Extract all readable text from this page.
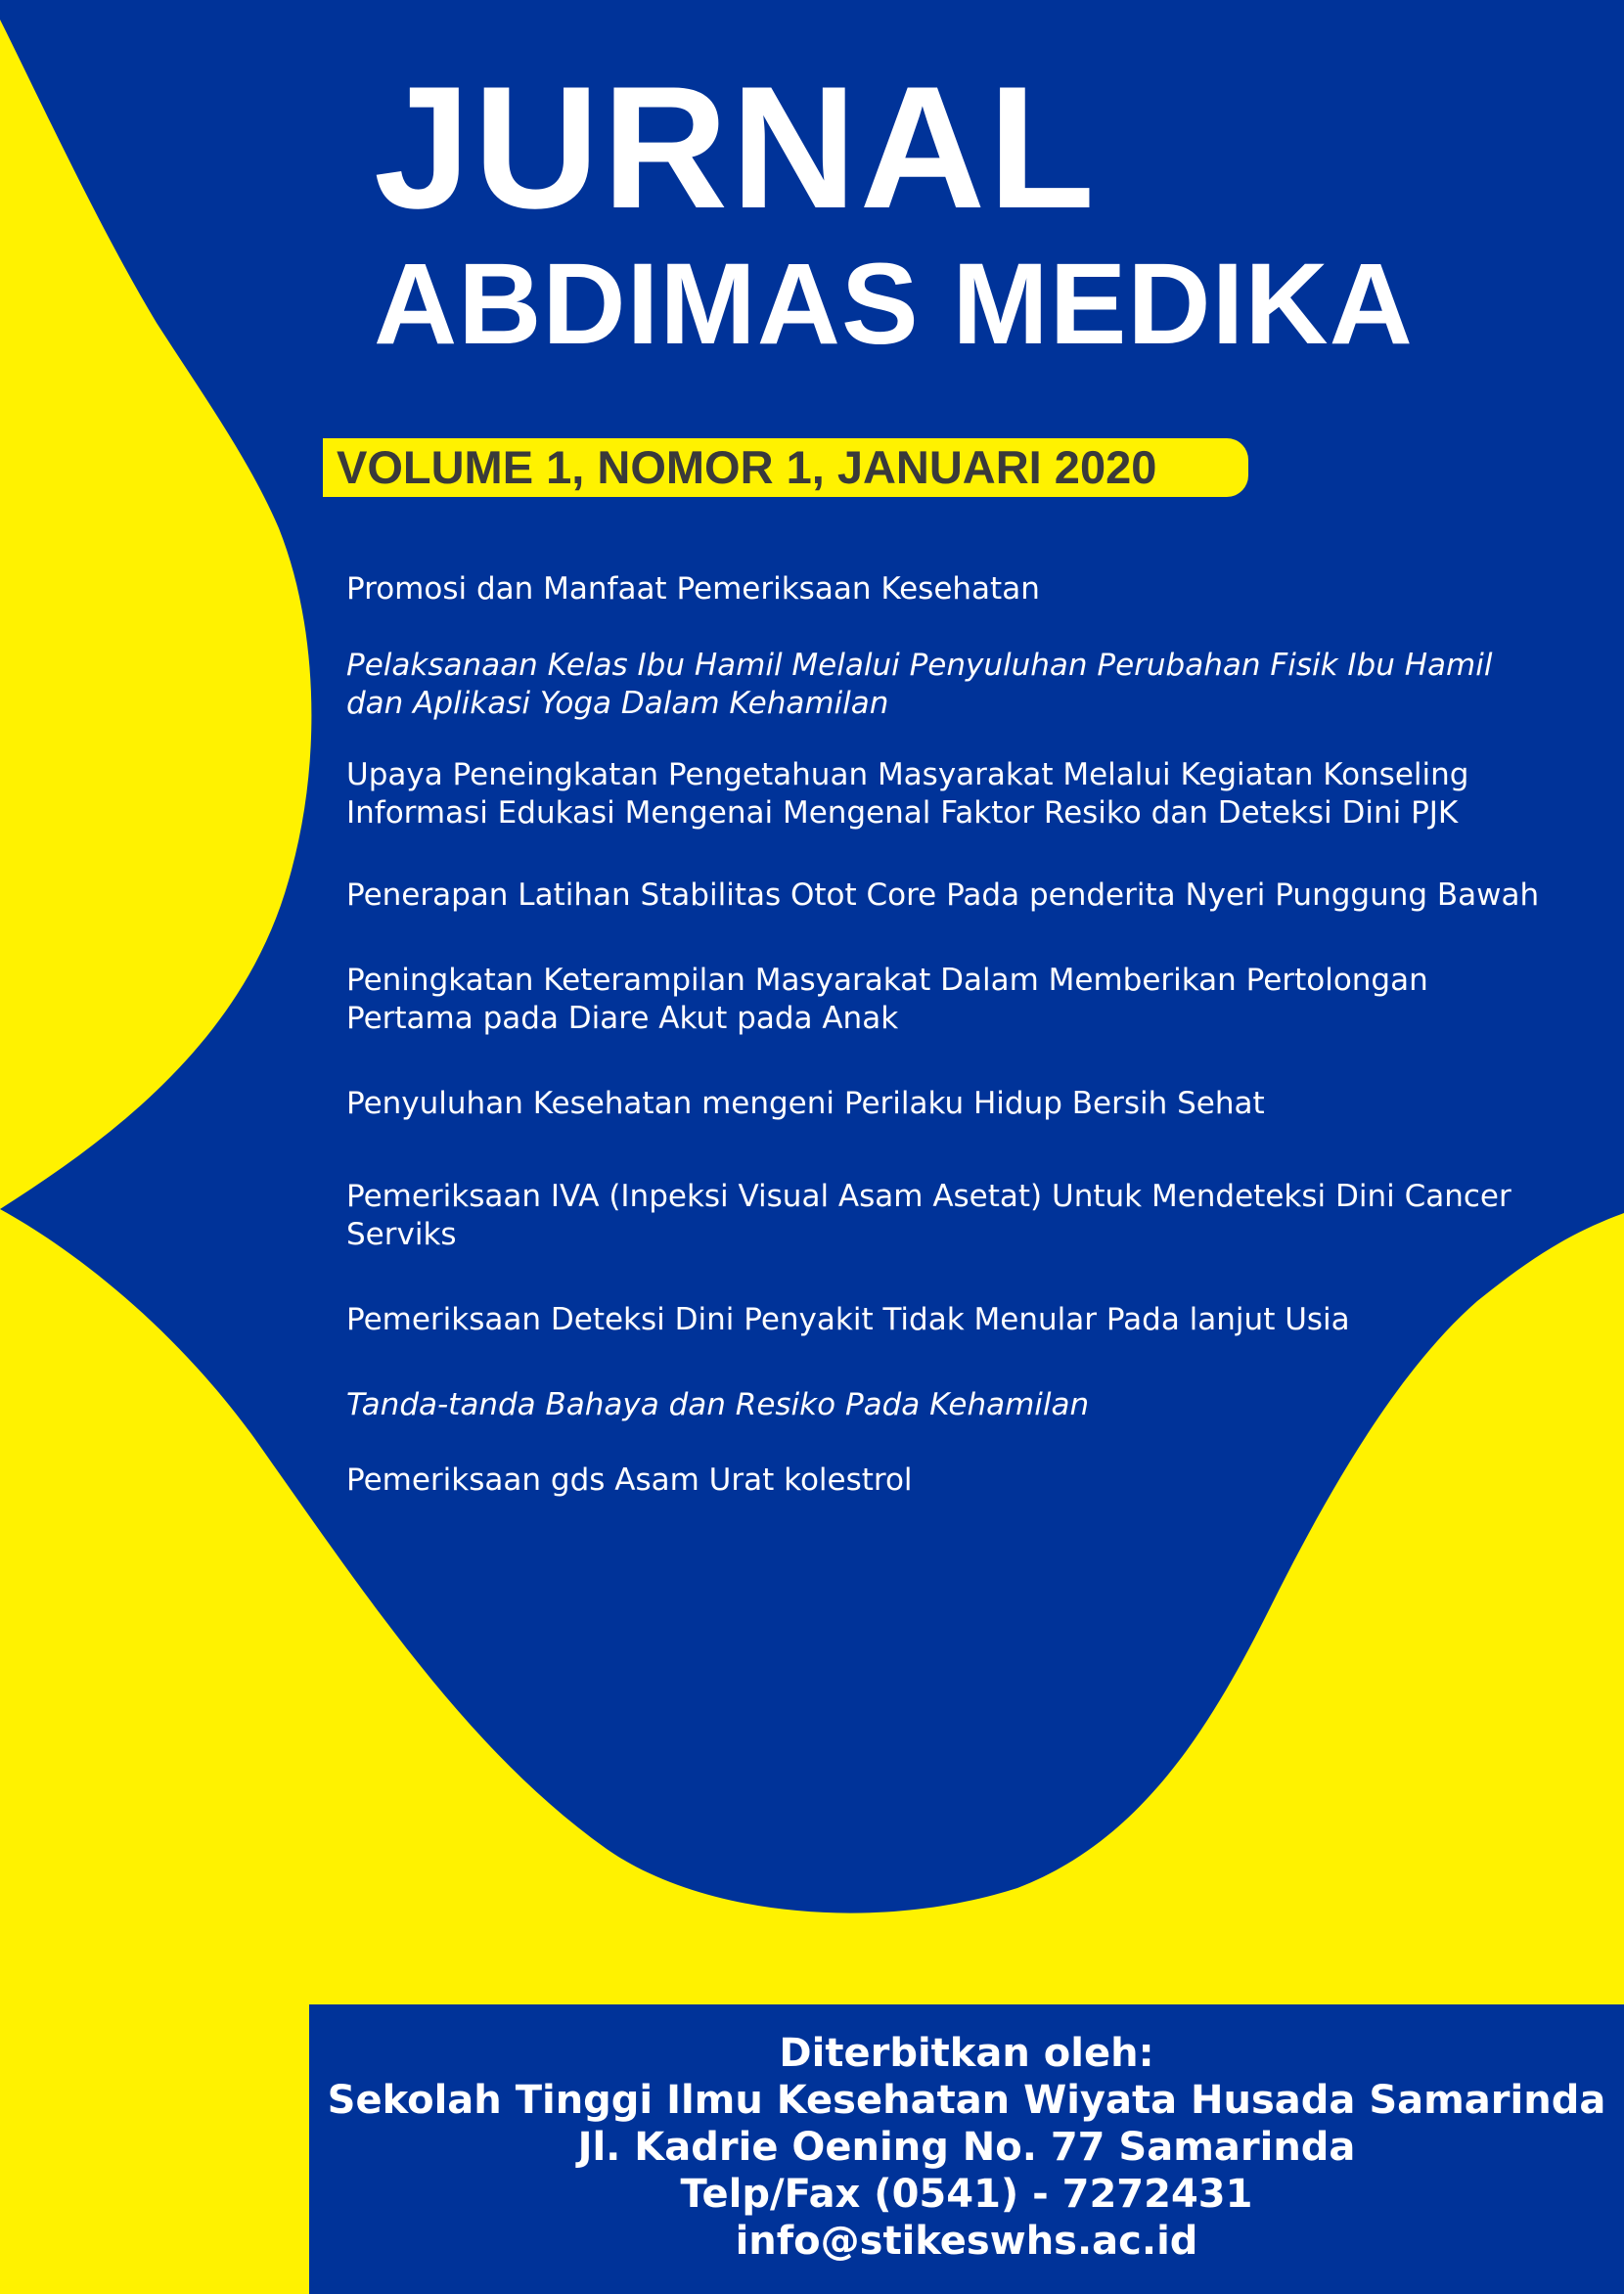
JURNAL
ABDIMAS MEDIKA
VOLUME 1, NOMOR 1, JANUARI 2020
Promosi dan Manfaat Pemeriksaan Kesehatan
Pelaksanaan Kelas Ibu Hamil Melalui Penyuluhan Perubahan Fisik Ibu Hamil dan Aplikasi Yoga Dalam Kehamilan
Upaya Peneingkatan Pengetahuan Masyarakat Melalui Kegiatan Konseling Informasi Edukasi Mengenai Mengenal Faktor Resiko dan Deteksi Dini PJK
Penerapan Latihan Stabilitas Otot Core Pada penderita Nyeri Punggung Bawah
Peningkatan Keterampilan Masyarakat Dalam Memberikan Pertolongan Pertama pada Diare Akut pada Anak
Penyuluhan Kesehatan mengeni Perilaku Hidup Bersih Sehat
Pemeriksaan IVA (Inpeksi Visual Asam Asetat) Untuk Mendeteksi Dini Cancer Serviks
Pemeriksaan Deteksi Dini Penyakit Tidak Menular Pada lanjut Usia
Tanda-tanda Bahaya dan Resiko Pada Kehamilan
Pemeriksaan gds Asam Urat kolestrol
Diterbitkan oleh:
Sekolah Tinggi Ilmu Kesehatan Wiyata Husada Samarinda
Jl. Kadrie Oening No. 77 Samarinda
Telp/Fax (0541) - 7272431
info@stikeswhs.ac.id
